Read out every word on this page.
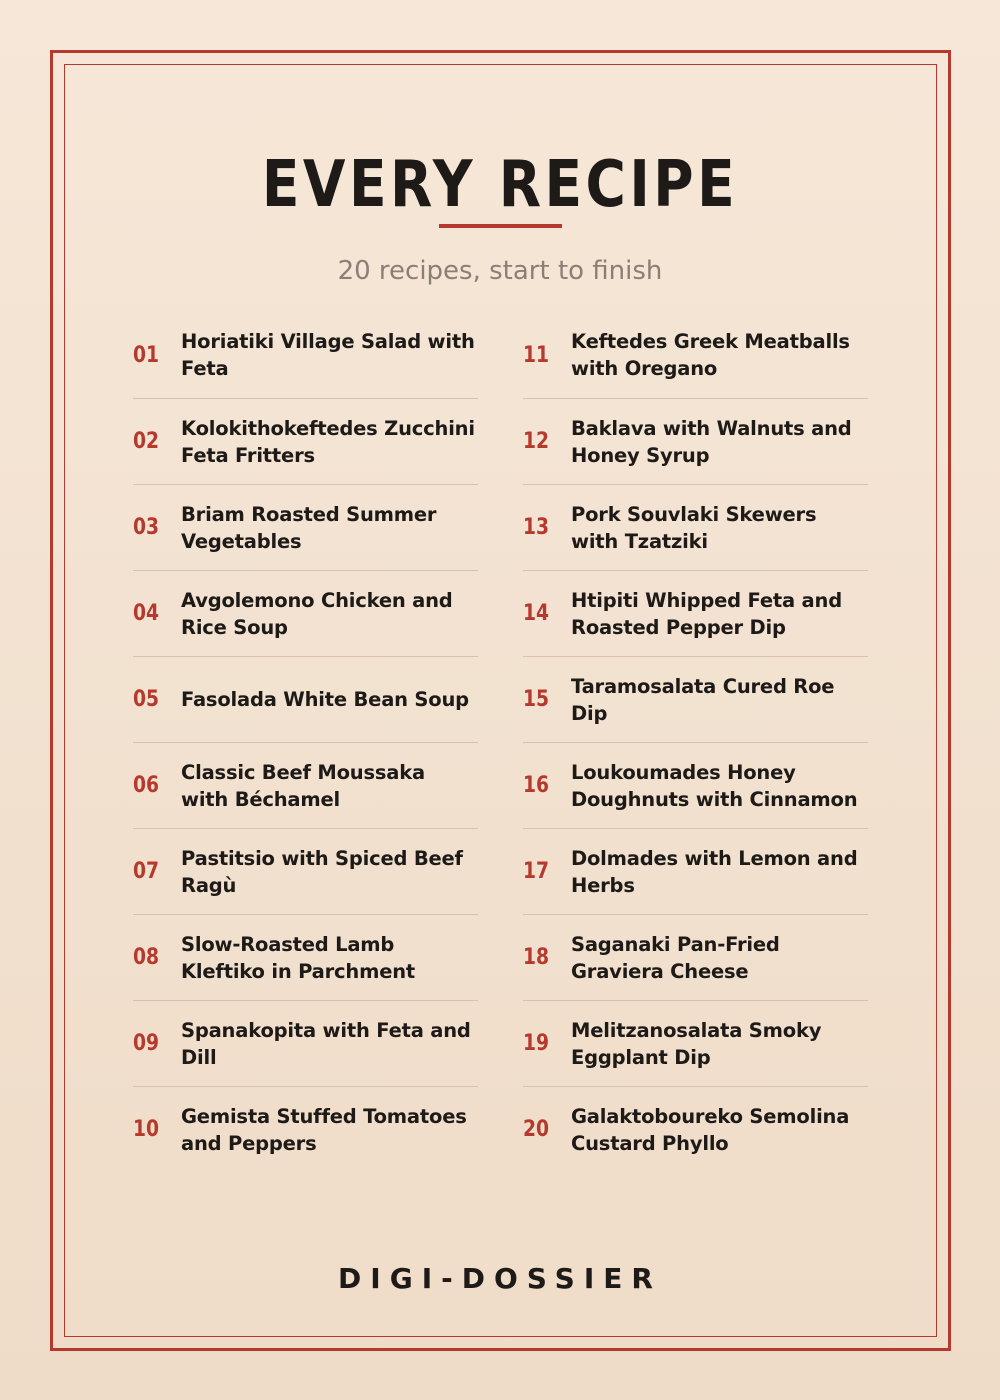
EVERY RECIPE

20 recipes, start to finish

01
Horiatiki Village Salad with Feta
02
Kolokithokeftedes Zucchini Feta Fritters
03
Briam Roasted Summer Vegetables
04
Avgolemono Chicken and Rice Soup
05	Fasolada White Bean Soup
06
Classic Beef Moussaka with Béchamel
07
Pastitsio with Spiced Beef Ragù
08
Slow-Roasted Lamb Kleftiko in Parchment
09
Spanakopita with Feta and Dill
10
Gemista Stuffed Tomatoes and Peppers
11
Keftedes Greek Meatballs with Oregano
12
Baklava with Walnuts and Honey Syrup
13
Pork Souvlaki Skewers with Tzatziki
14
Htipiti Whipped Feta and Roasted Pepper Dip
15
Taramosalata Cured Roe Dip
16
Loukoumades Honey Doughnuts with Cinnamon
17
Dolmades with Lemon and Herbs
18
Saganaki Pan-Fried Graviera Cheese
19
Melitzanosalata Smoky Eggplant Dip
20
Galaktoboureko Semolina Custard Phyllo
DIGI-DOSSIER
